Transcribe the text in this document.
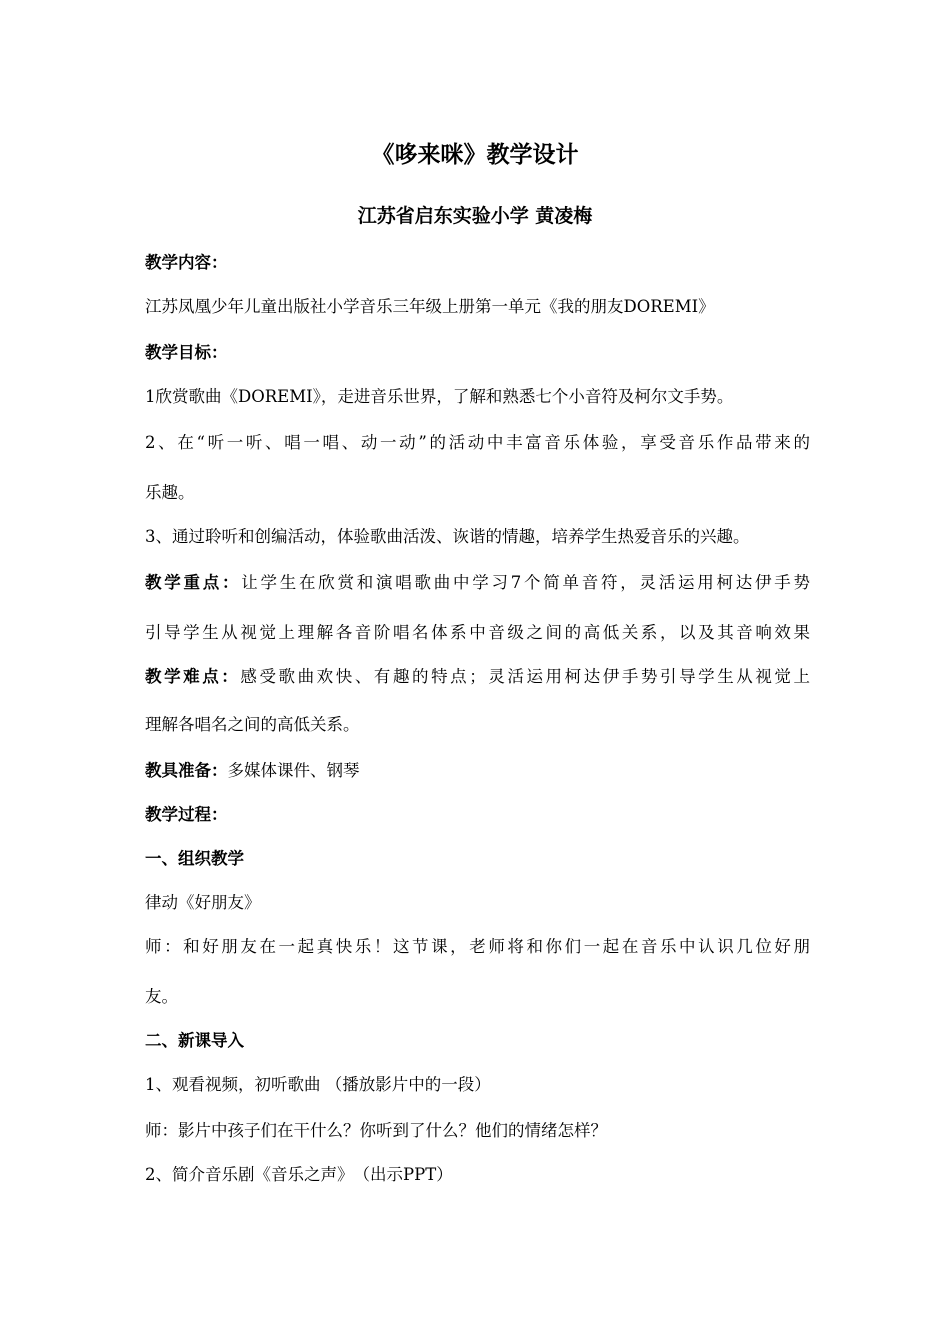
《哆来咪》教学设计
江苏省启东实验小学 黄凌梅
教学内容：
江苏凤凰少年儿童出版社小学音乐三年级上册第一单元《我的朋友DOREMI》
教学目标：
1欣赏歌曲《DOREMI》，走进音乐世界，了解和熟悉七个小音符及柯尔文手势。
2、在“听一听、唱一唱、动一动”的活动中丰富音乐体验，享受音乐作品带来的
乐趣。
3、通过聆听和创编活动，体验歌曲活泼、诙谐的情趣，培养学生热爱音乐的兴趣。
教学重点：让学生在欣赏和演唱歌曲中学习7个简单音符，灵活运用柯达伊手势
引导学生从视觉上理解各音阶唱名体系中音级之间的高低关系，以及其音响效果
教学难点：感受歌曲欢快、有趣的特点；灵活运用柯达伊手势引导学生从视觉上
理解各唱名之间的高低关系。
教具准备：多媒体课件、钢琴
教学过程：
一、组织教学
律动《好朋友》
师：和好朋友在一起真快乐！这节课，老师将和你们一起在音乐中认识几位好朋
友。
二、新课导入
1、观看视频，初听歌曲 （播放影片中的一段）
师：影片中孩子们在干什么？你听到了什么？他们的情绪怎样？
2、简介音乐剧《音乐之声》　（出示PPT）
